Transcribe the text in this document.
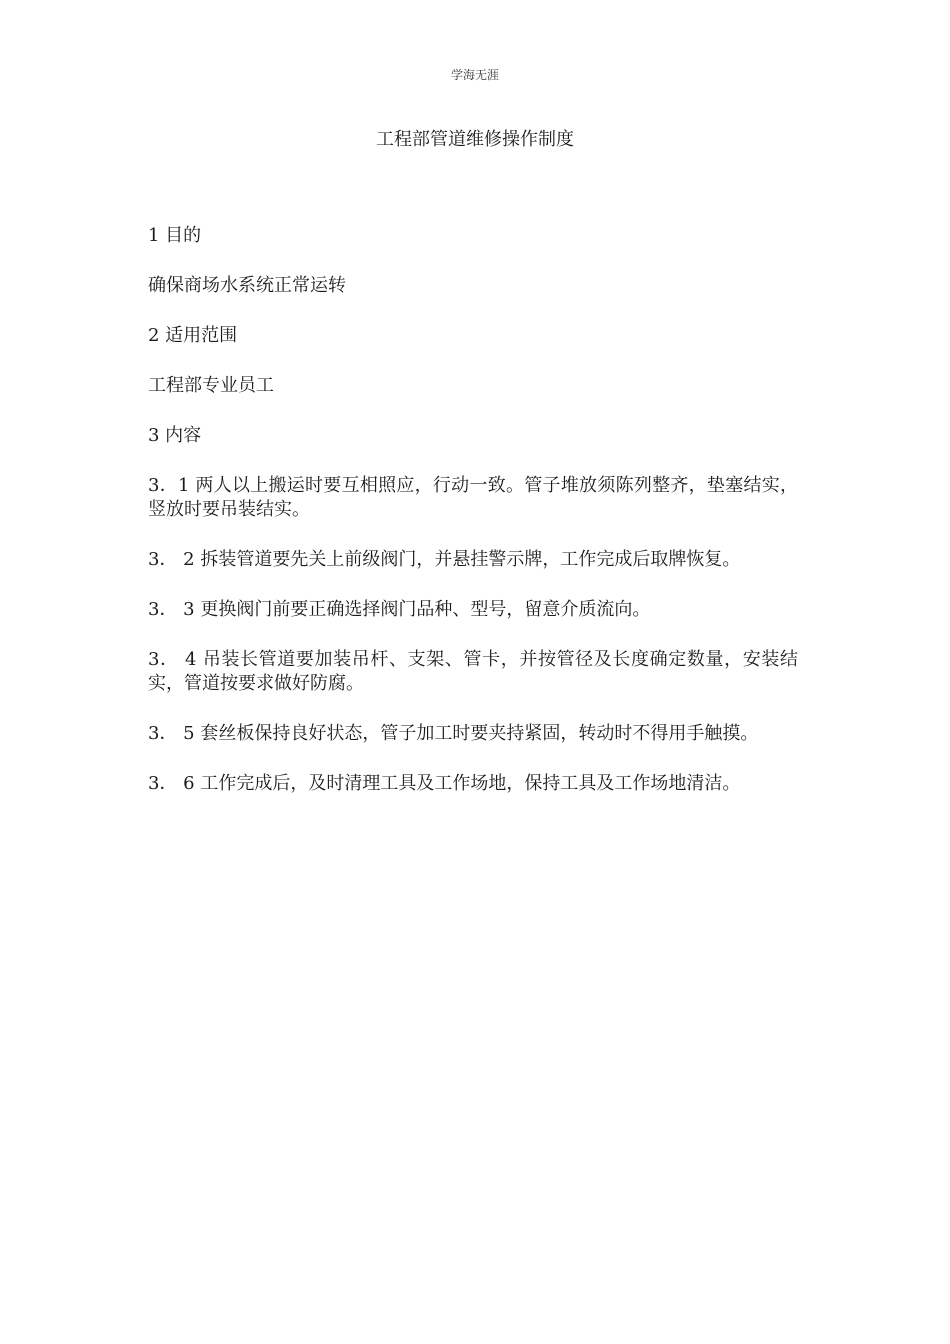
学海无涯
工程部管道维修操作制度

1 目的

确保商场水系统正常运转

2 适用范围

工程部专业员工

3 内容

3．1 两人以上搬运时要互相照应，行动一致。管子堆放须陈列整齐，垫塞结实，竖放时要吊装结实。

3． 2 拆装管道要先关上前级阀门，并悬挂警示牌，工作完成后取牌恢复。

3． 3 更换阀门前要正确选择阀门品种、型号，留意介质流向。

3． 4 吊装长管道要加装吊杆、支架、管卡，并按管径及长度确定数量，安装结实，管道按要求做好防腐。

3． 5 套丝板保持良好状态，管子加工时要夹持紧固，转动时不得用手触摸。

3． 6 工作完成后，及时清理工具及工作场地，保持工具及工作场地清洁。
